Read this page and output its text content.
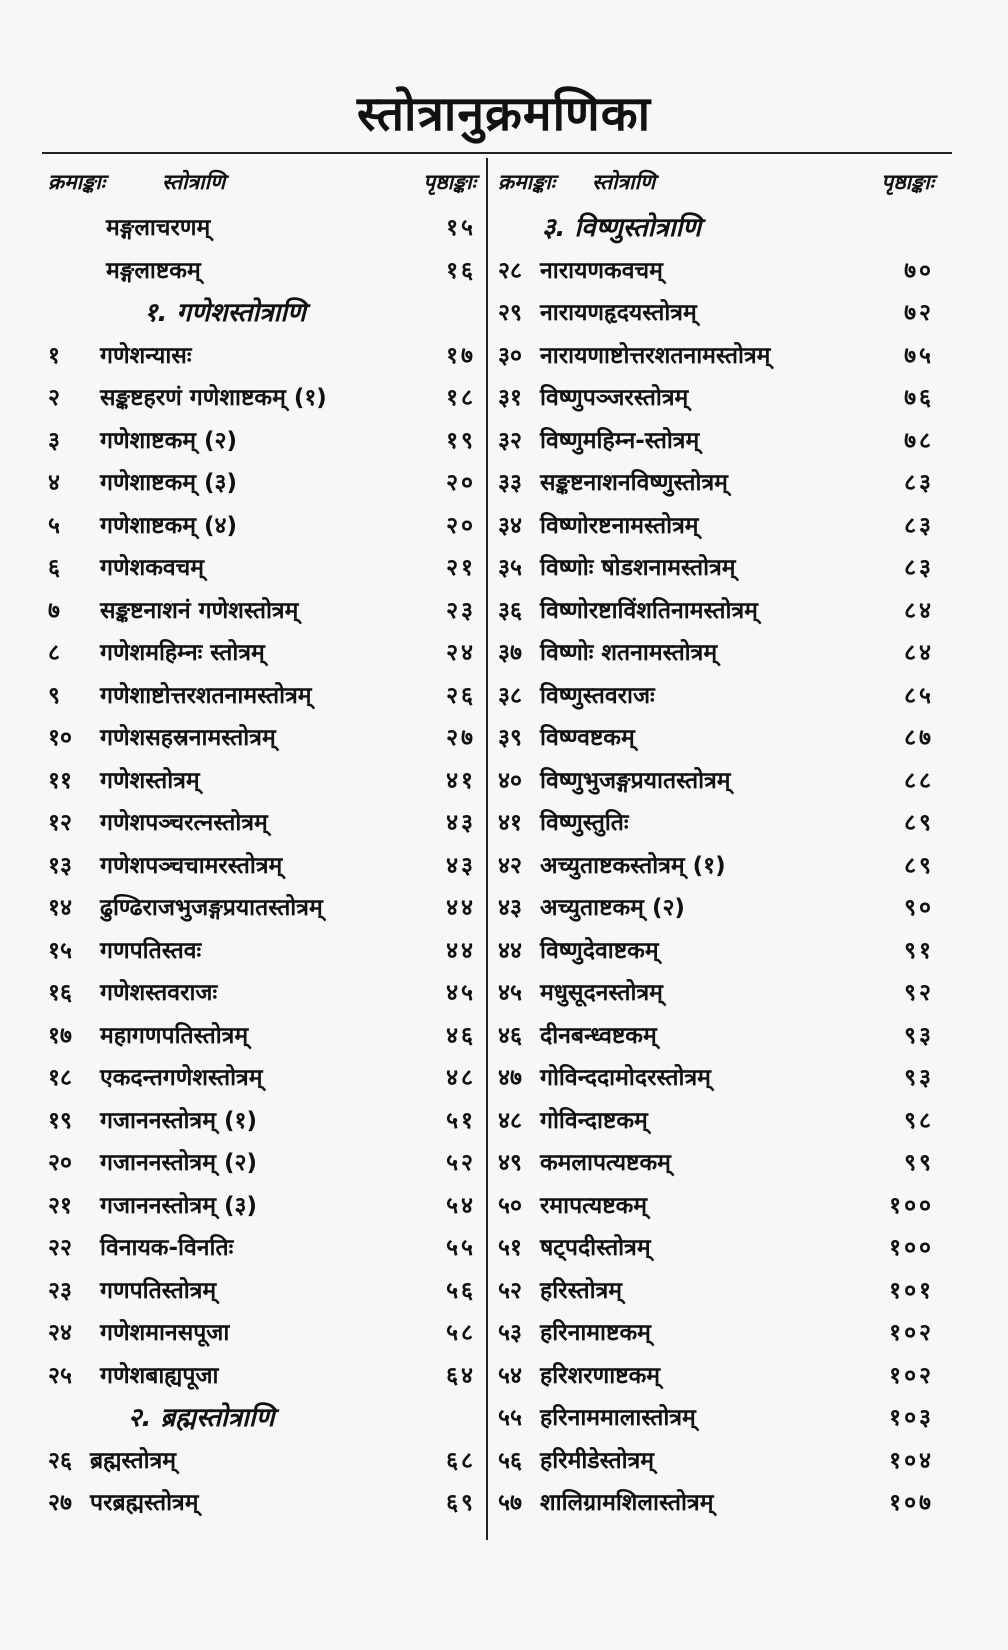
स्तोत्रानुक्रमणिका
क्रमाङ्काः	स्तोत्राणि	पृष्ठाङ्काः
मङ्गलाचरणम्	१५
मङ्गलाष्टकम्	१६
१. गणेशस्तोत्राणि
१ गणेशन्यासः	१७
२ सङ्कष्टहरणं गणेशाष्टकम् (१)	१८
३ गणेशाष्टकम् (२)	१९
४ गणेशाष्टकम् (३)	२०
५ गणेशाष्टकम् (४)	२०
६ गणेशकवचम्	२१
७ सङ्कष्टनाशनं गणेशस्तोत्रम्	२३
८ गणेशमहिम्नः स्तोत्रम्	२४
९ गणेशाष्टोत्तरशतनामस्तोत्रम्	२६
१० गणेशसहस्रनामस्तोत्रम्	२७
११ गणेशस्तोत्रम्	४१
१२ गणेशपञ्चरत्नस्तोत्रम्	४३
१३ गणेशपञ्चचामरस्तोत्रम्	४३
१४ ढुण्ढिराजभुजङ्गप्रयातस्तोत्रम्	४४
१५ गणपतिस्तवः	४४
१६ गणेशस्तवराजः	४५
१७ महागणपतिस्तोत्रम्	४६
१८ एकदन्तगणेशस्तोत्रम्	४८
१९ गजाननस्तोत्रम् (१)	५१
२० गजाननस्तोत्रम् (२)	५२
२१ गजाननस्तोत्रम् (३)	५४
२२ विनायक-विनतिः	५५
२३ गणपतिस्तोत्रम्	५६
२४ गणेशमानसपूजा	५८
२५ गणेशबाह्यपूजा	६४
२. ब्रह्मस्तोत्राणि
२६ ब्रह्मस्तोत्रम्	६८
२७ परब्रह्मस्तोत्रम्	६९
क्रमाङ्काः स्तोत्राणि	पृष्ठाङ्काः
३. विष्णुस्तोत्राणि
२८ नारायणकवचम्	७०
२९ नारायणहृदयस्तोत्रम्	७२
३० नारायणाष्टोत्तरशतनामस्तोत्रम्	७५
३१ विष्णुपञ्जरस्तोत्रम्	७६
३२ विष्णुमहिम्न-स्तोत्रम्	७८
३३ सङ्कष्टनाशनविष्णुस्तोत्रम्	८३
३४ विष्णोरष्टनामस्तोत्रम्	८३
३५ विष्णोः षोडशनामस्तोत्रम्	८३
३६ विष्णोरष्टाविंशतिनामस्तोत्रम्	८४
३७ विष्णोः शतनामस्तोत्रम्	८४
३८ विष्णुस्तवराजः	८५
३९ विष्ण्वष्टकम्	८७
४० विष्णुभुजङ्गप्रयातस्तोत्रम्	८८
४१ विष्णुस्तुतिः	८९
४२ अच्युताष्टकस्तोत्रम् (१)	८९
४३ अच्युताष्टकम् (२)	९०
४४ विष्णुदेवाष्टकम्	९१
४५ मधुसूदनस्तोत्रम्	९२
४६ दीनबन्ध्वष्टकम्	९३
४७ गोविन्ददामोदरस्तोत्रम्	९३
४८ गोविन्दाष्टकम्	९८
४९ कमलापत्यष्टकम्	९९
५० रमापत्यष्टकम्	१००
५१ षट्पदीस्तोत्रम्	१००
५२ हरिस्तोत्रम्	१०१
५३ हरिनामाष्टकम्	१०२
५४ हरिशरणाष्टकम्	१०२
५५ हरिनाममालास्तोत्रम्	१०३
५६ हरिमीडेस्तोत्रम्	१०४
५७ शालिग्रामशिलास्तोत्रम्	१०७
